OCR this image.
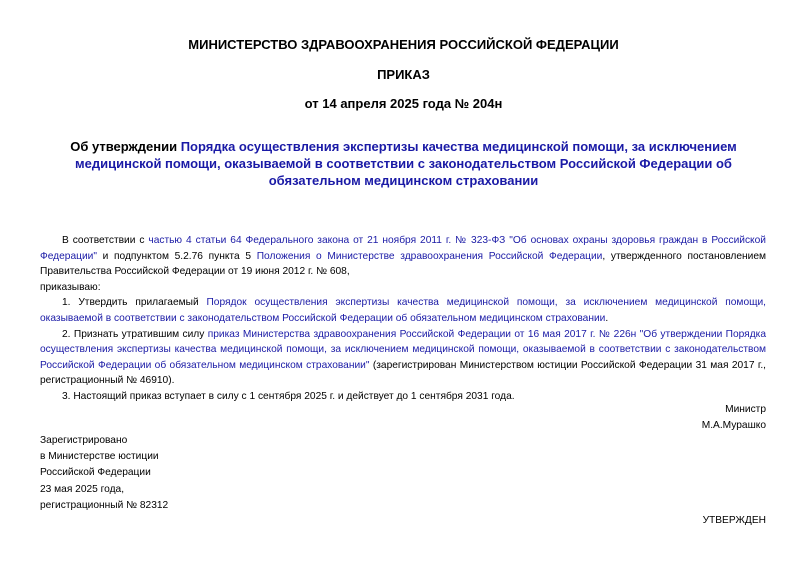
МИНИСТЕРСТВО ЗДРАВООХРАНЕНИЯ РОССИЙСКОЙ ФЕДЕРАЦИИ
ПРИКАЗ
от 14 апреля 2025 года № 204н
Об утверждении Порядка осуществления экспертизы качества медицинской помощи, за исключением медицинской помощи, оказываемой в соответствии с законодательством Российской Федерации об обязательном медицинском страховании

В соответствии с частью 4 статьи 64 Федерального закона от 21 ноября 2011 г. № 323-ФЗ "Об основах охраны здоровья граждан в Российской Федерации" и подпунктом 5.2.76 пункта 5 Положения о Министерстве здравоохранения Российской Федерации, утвержденного постановлением Правительства Российской Федерации от 19 июня 2012 г. № 608,

приказываю:

1. Утвердить прилагаемый Порядок осуществления экспертизы качества медицинской помощи, за исключением медицинской помощи, оказываемой в соответствии с законодательством Российской Федерации об обязательном медицинском страховании.

2. Признать утратившим силу приказ Министерства здравоохранения Российской Федерации от 16 мая 2017 г. № 226н "Об утверждении Порядка осуществления экспертизы качества медицинской помощи, за исключением медицинской помощи, оказываемой в соответствии с законодательством Российской Федерации об обязательном медицинском страховании" (зарегистрирован Министерством юстиции Российской Федерации 31 мая 2017 г., регистрационный № 46910).

3. Настоящий приказ вступает в силу с 1 сентября 2025 г. и действует до 1 сентября 2031 года.

Министр
М.А.Мурашко
Зарегистрировано
в Министерстве юстиции
Российской Федерации
23 мая 2025 года,
регистрационный № 82312
УТВЕРЖДЕН
